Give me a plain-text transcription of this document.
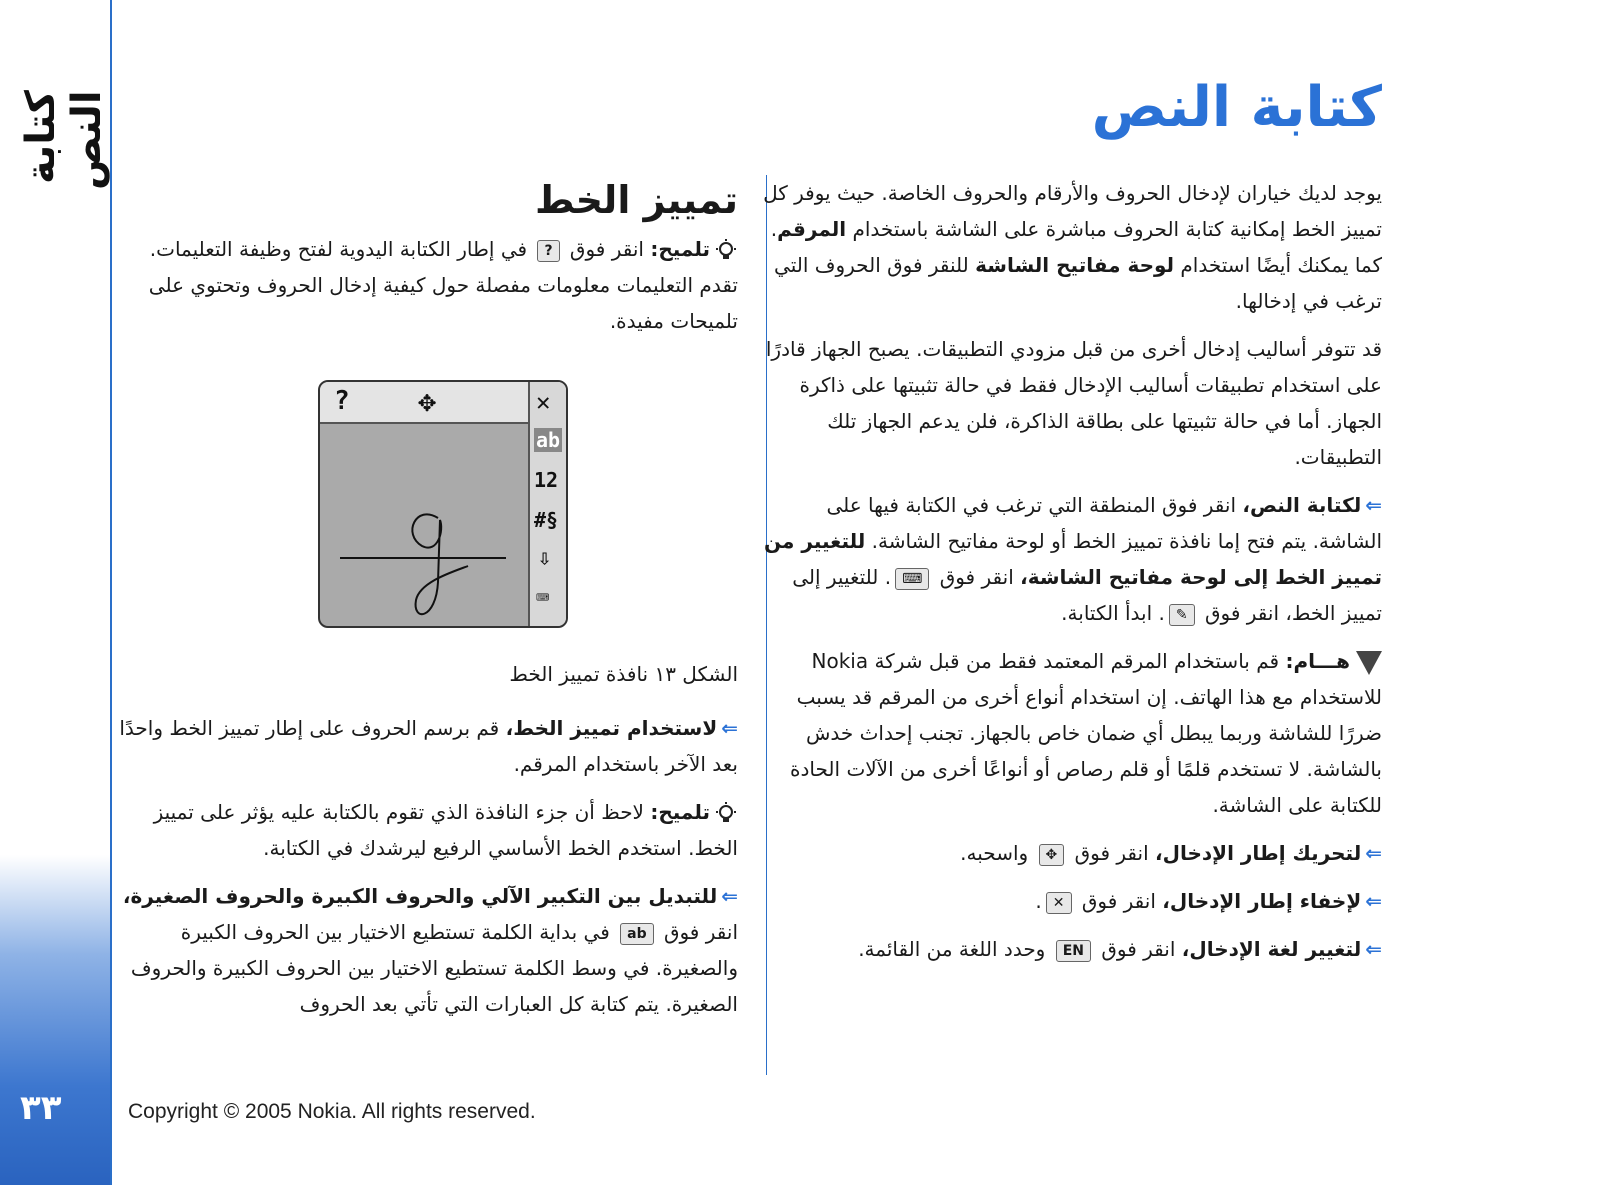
كتابة النص
٣٣
كتابة النص

يوجد لديك خياران لإدخال الحروف والأرقام والحروف الخاصة. حيث يوفر كل تمييز الخط إمكانية كتابة الحروف مباشرة على الشاشة باستخدام المرقم. كما يمكنك أيضًا استخدام لوحة مفاتيح الشاشة للنقر فوق الحروف التي ترغب في إدخالها.

قد تتوفر أساليب إدخال أخرى من قبل مزودي التطبيقات. يصبح الجهاز قادرًا على استخدام تطبيقات أساليب الإدخال فقط في حالة تثبيتها على ذاكرة الجهاز. أما في حالة تثبيتها على بطاقة الذاكرة، فلن يدعم الجهاز تلك التطبيقات.

⇐لكتابة النص، انقر فوق المنطقة التي ترغب في الكتابة فيها على الشاشة. يتم فتح إما نافذة تمييز الخط أو لوحة مفاتيح الشاشة. للتغيير من تمييز الخط إلى لوحة مفاتيح الشاشة، انقر فوق ⌨. للتغيير إلى تمييز الخط، انقر فوق ✎. ابدأ الكتابة.

هـــام: قم باستخدام المرقم المعتمد فقط من قبل شركة Nokia للاستخدام مع هذا الهاتف. إن استخدام أنواع أخرى من المرقم قد يسبب ضررًا للشاشة وربما يبطل أي ضمان خاص بالجهاز. تجنب إحداث خدش بالشاشة. لا تستخدم قلمًا أو قلم رصاص أو أنواعًا أخرى من الآلات الحادة للكتابة على الشاشة.

⇐لتحريك إطار الإدخال، انقر فوق ✥ واسحبه.

⇐لإخفاء إطار الإدخال، انقر فوق ✕.

⇐لتغيير لغة الإدخال، انقر فوق EN وحدد اللغة من القائمة.

تمييز الخط

تلميح: انقر فوق ? في إطار الكتابة اليدوية لفتح وظيفة التعليمات. تقدم التعليمات معلومات مفصلة حول كيفية إدخال الحروف وتحتوي على تلميحات مفيدة.

? ✥	✕
ab
12
#§
⇩
⌨
الشكل ١٣ نافذة تمييز الخط

⇐لاستخدام تمييز الخط، قم برسم الحروف على إطار تمييز الخط واحدًا بعد الآخر باستخدام المرقم.

تلميح: لاحظ أن جزء النافذة الذي تقوم بالكتابة عليه يؤثر على تمييز الخط. استخدم الخط الأساسي الرفيع ليرشدك في الكتابة.

⇐للتبديل بين التكبير الآلي والحروف الكبيرة والحروف الصغيرة، انقر فوق ab في بداية الكلمة تستطيع الاختيار بين الحروف الكبيرة والصغيرة. في وسط الكلمة تستطيع الاختيار بين الحروف الكبيرة والحروف الصغيرة. يتم كتابة كل العبارات التي تأتي بعد الحروف

Copyright © 2005 Nokia. All rights reserved.
